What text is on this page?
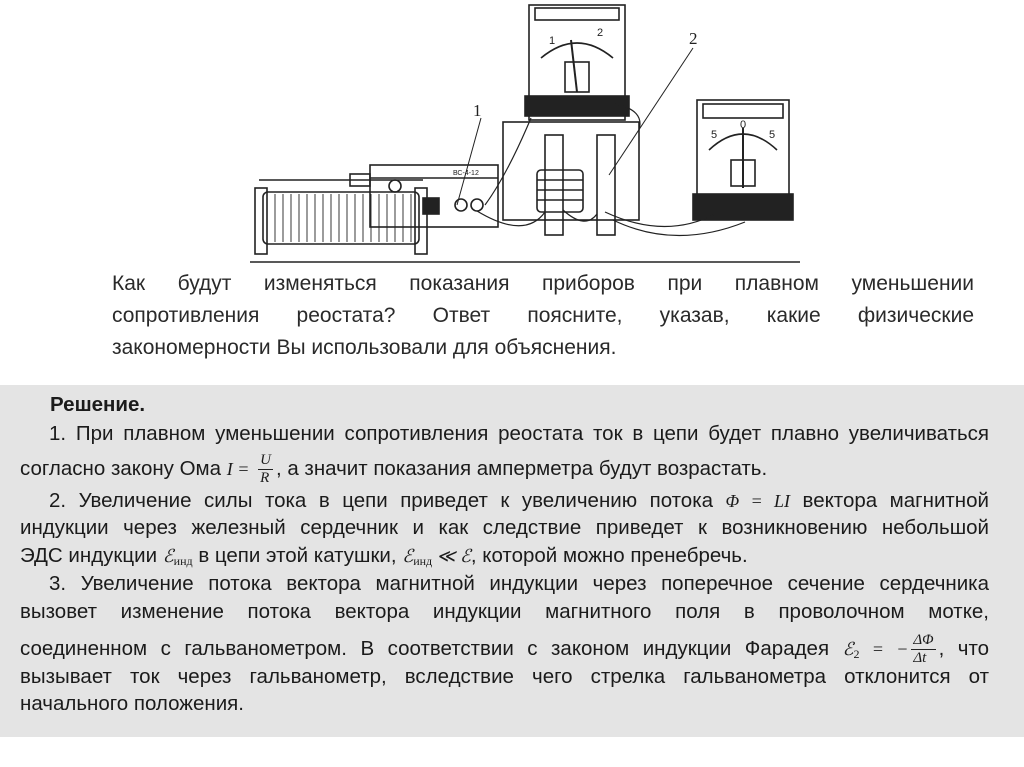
1
2
5
0
5
1
2
ВС-4-12
Как будут изменяться показания приборов при плавном уменьшении
сопротивления реостата? Ответ поясните, указав, какие физические
закономерности Вы использовали для объяснения.
Решение.
1. При плавном уменьшении сопротивления реостата ток в цепи будет плавно увеличиваться
согласно закону Ома $I = \frac{U}{R}$ , а значит показания амперметра будут возрастать.
2. Увеличение силы тока в цепи приведет к увеличению потока Φ = LI вектора магнитной
индукции через железный сердечник и как следствие приведет к возникновению небольшой
ЭДС индукции ℰ$_{инд}$ в цепи этой катушки, ℰ$_{инд}$ ≪ ℰ, которой можно пренебречь.
3. Увеличение потока вектора магнитной индукции через поперечное сечение сердечника
вызовет изменение потока вектора индукции магнитного поля в проволочном мотке,
соединенном с гальванометром. В соответствии с законом индукции Фарадея ℰ$_2$ = − $\frac{\Delta\Phi}{\Delta t}$ , что
вызывает ток через гальванометр, вследствие чего стрелка гальванометра отклонится от
начального положения.
